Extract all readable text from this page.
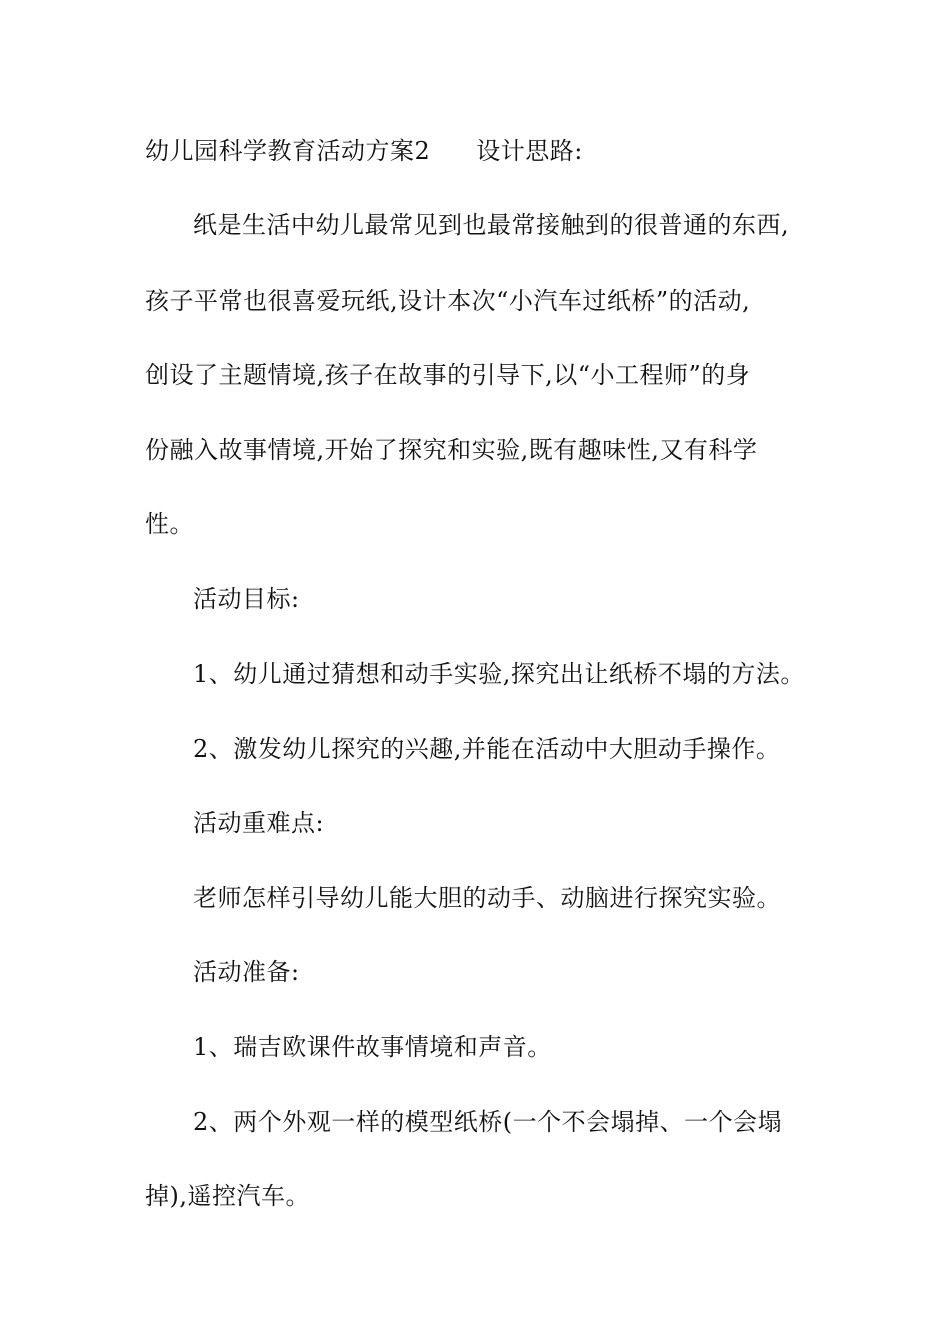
幼儿园科学教育活动方案2 设计思路:
纸是生活中幼儿最常见到也最常接触到的很普通的东西,
孩子平常也很喜爱玩纸,设计本次“小汽车过纸桥”的活动,
创设了主题情境,孩子在故事的引导下,以“小工程师”的身
份融入故事情境,开始了探究和实验,既有趣味性,又有科学
性。
活动目标:
1、幼儿通过猜想和动手实验,探究出让纸桥不塌的方法。
2、激发幼儿探究的兴趣,并能在活动中大胆动手操作。
活动重难点:
老师怎样引导幼儿能大胆的动手、动脑进行探究实验。
活动准备:
1、瑞吉欧课件故事情境和声音。
2、两个外观一样的模型纸桥(一个不会塌掉、一个会塌
掉),遥控汽车。
